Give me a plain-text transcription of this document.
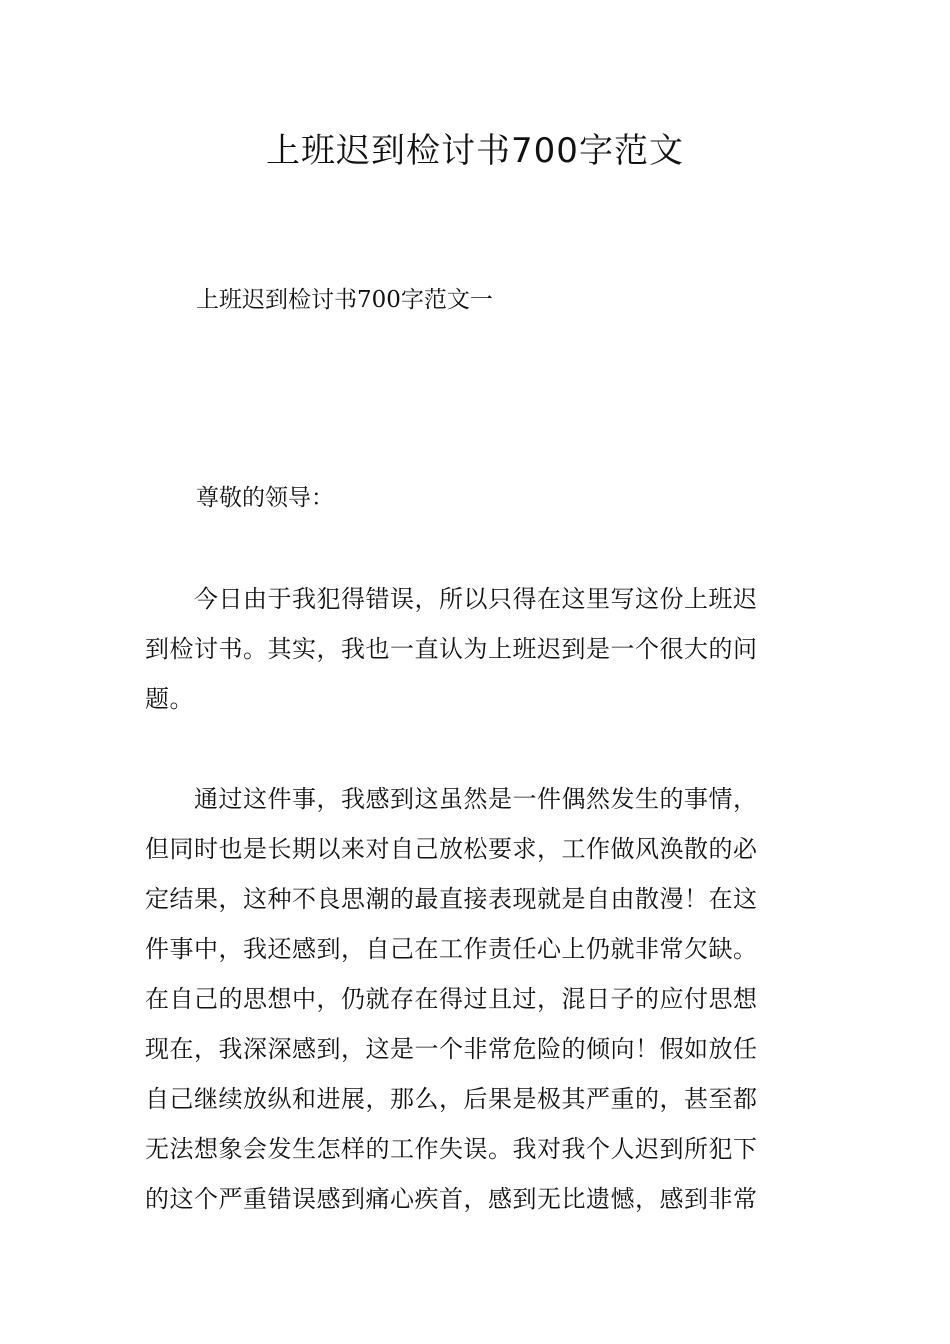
上班迟到检讨书700字范文
上班迟到检讨书700字范文一
尊敬的领导：
　　今日由于我犯得错误，所以只得在这里写这份上班迟
到检讨书。其实，我也一直认为上班迟到是一个很大的问
题。
　　通过这件事，我感到这虽然是一件偶然发生的事情，
但同时也是长期以来对自己放松要求，工作做风涣散的必
定结果，这种不良思潮的最直接表现就是自由散漫！在这
件事中，我还感到，自己在工作责任心上仍就非常欠缺。
在自己的思想中，仍就存在得过且过，混日子的应付思想
现在，我深深感到，这是一个非常危险的倾向！假如放任
自己继续放纵和进展，那么，后果是极其严重的，甚至都
无法想象会发生怎样的工作失误。我对我个人迟到所犯下
的这个严重错误感到痛心疾首，感到无比遗憾，感到非常
